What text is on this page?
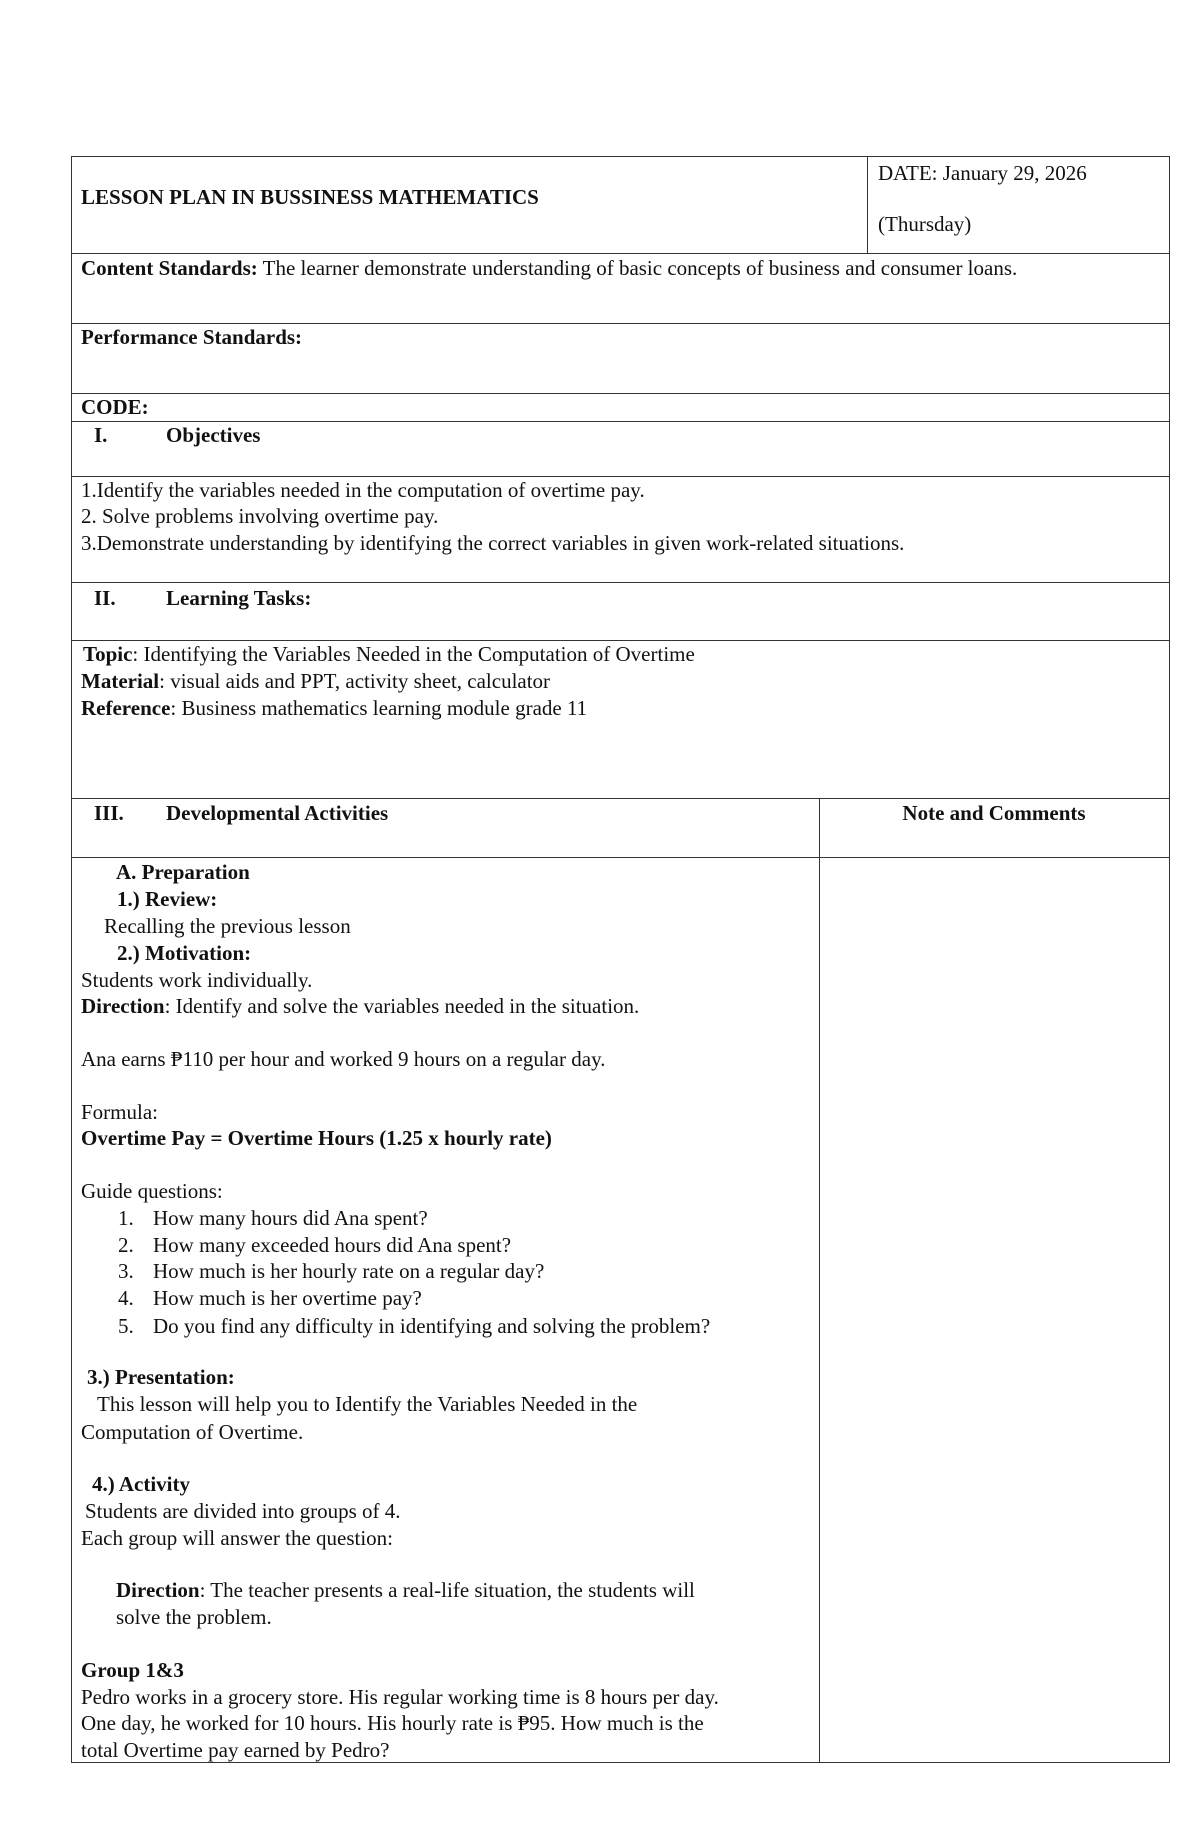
LESSON PLAN IN BUSSINESS MATHEMATICS
DATE: January 29, 2026
(Thursday)
Content Standards: The learner demonstrate understanding of basic concepts of business and consumer loans.
Performance Standards:
CODE:
I.	Objectives
1.Identify the variables needed in the computation of overtime pay.
2. Solve problems involving overtime pay.
3.Demonstrate understanding by identifying the correct variables in given work-related situations.
II. Learning Tasks:
Topic: Identifying the Variables Needed in the Computation of Overtime
Material: visual aids and PPT, activity sheet, calculator
Reference: Business mathematics learning module grade 11
III. Developmental Activities	Note and Comments
A. Preparation
1.) Review:
Recalling the previous lesson
2.) Motivation:
Students work individually.
Direction: Identify and solve the variables needed in the situation.
Ana earns ₱110 per hour and worked 9 hours on a regular day.
Formula:
Overtime Pay = Overtime Hours (1.25 x hourly rate)
Guide questions:
1. How many hours did Ana spent?
2. How many exceeded hours did Ana spent?
3. How much is her hourly rate on a regular day?
4. How much is her overtime pay?
5. Do you find any difficulty in identifying and solving the problem?
3.) Presentation:
This lesson will help you to Identify the Variables Needed in the
Computation of Overtime.
4.) Activity
Students are divided into groups of 4.
Each group will answer the question:
Direction: The teacher presents a real-life situation, the students will
solve the problem.
Group 1&3
Pedro works in a grocery store. His regular working time is 8 hours per day.
One day, he worked for 10 hours. His hourly rate is ₱95. How much is the
total Overtime pay earned by Pedro?
